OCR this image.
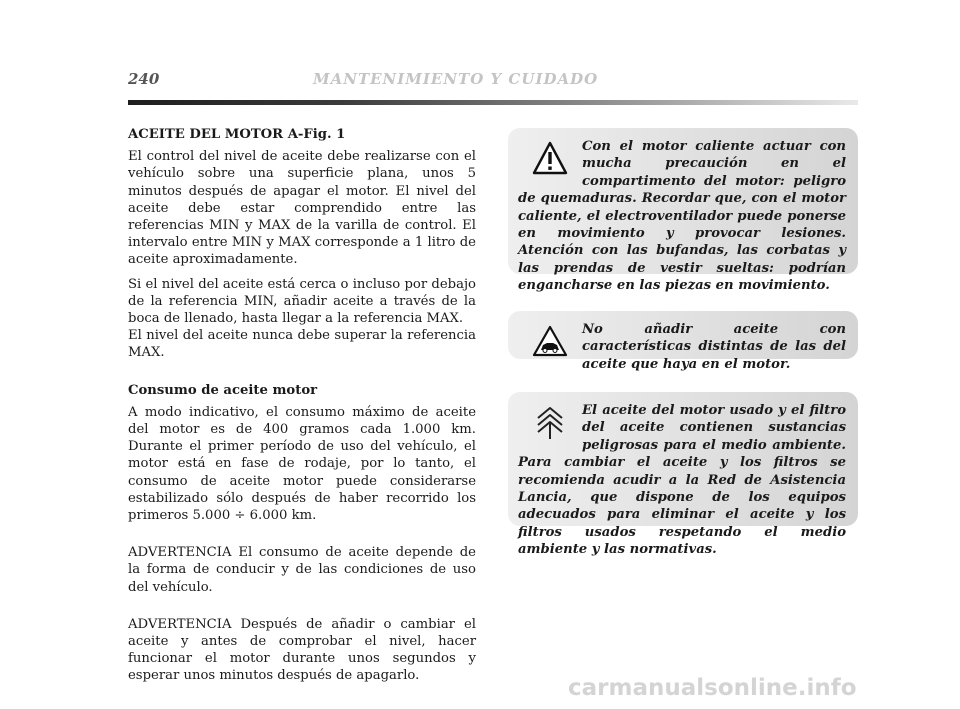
240	MANTENIMIENTO Y CUIDADO

ACEITE DEL MOTOR A-Fig. 1

El control del nivel de aceite debe realizarse con el vehículo sobre una superficie plana, unos 5 minutos después de apagar el motor. El nivel del aceite debe estar comprendido entre las referencias MIN y MAX de la varilla de control. El intervalo entre MIN y MAX corresponde a 1 litro de aceite aproximadamente.

Si el nivel del aceite está cerca o incluso por debajo de la referencia MIN, añadir aceite a través de la boca de llenado, hasta llegar a la referencia MAX.

El nivel del aceite nunca debe superar la referencia MAX.

Consumo de aceite motor

A modo indicativo, el consumo máximo de aceite del motor es de 400 gramos cada 1.000 km. Durante el primer período de uso del vehículo, el motor está en fase de rodaje, por lo tanto, el consumo de aceite motor puede considerarse estabilizado sólo después de haber recorrido los primeros 5.000 ÷ 6.000 km.

ADVERTENCIA El consumo de aceite depende de la forma de conducir y de las condiciones de uso del vehículo.

ADVERTENCIA Después de añadir o cambiar el aceite y antes de comprobar el nivel, hacer funcionar el motor durante unos segundos y esperar unos minutos después de apagarlo.

Con el motor caliente actuar con mucha precaución en el compartimento del motor: peligro de quemaduras. Recordar que, con el motor caliente, el electroventilador puede ponerse en movimiento y provocar lesiones. Atención con las bufandas, las corbatas y las prendas de vestir sueltas: podrían engancharse en las piezas en movimiento.

No añadir aceite con características distintas de las del aceite que haya en el motor.

El aceite del motor usado y el filtro del aceite contienen sustancias peligrosas para el medio ambiente. Para cambiar el aceite y los filtros se recomienda acudir a la Red de Asistencia Lancia, que dispone de los equipos adecuados para eliminar el aceite y los filtros usados respetando el medio ambiente y las normativas.

carmanualsonline.info
